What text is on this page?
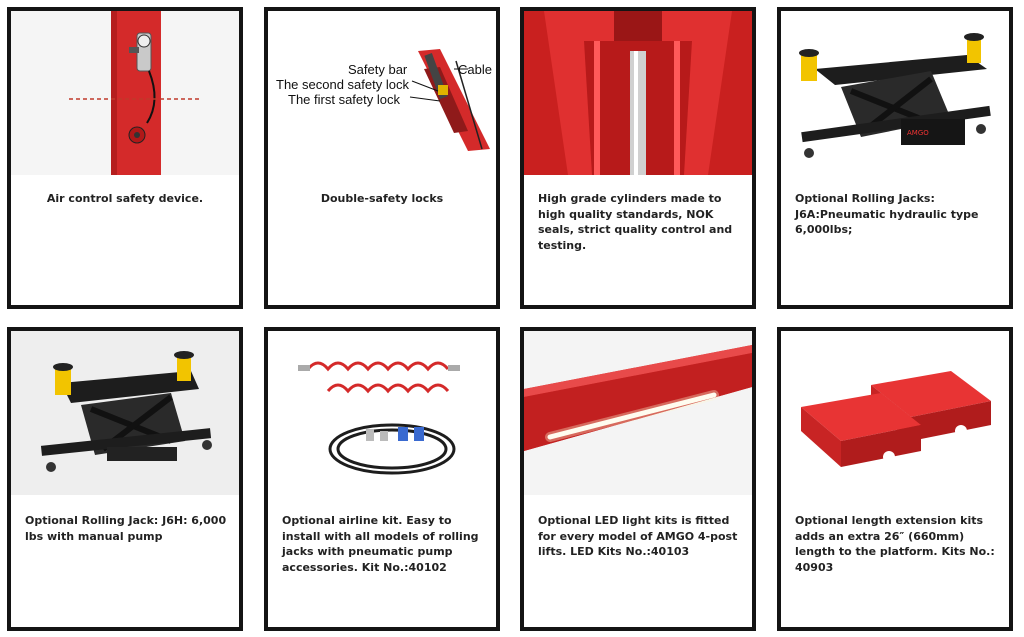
Air control safety device.
Safety bar	Cable
The second safety lock
The first safety lock
Double-safety locks	High grade cylinders made to high quality standards, NOK seals, strict quality control and testing.
AMGO
Optional Rolling Jacks: J6A:Pneumatic hydraulic type 6,000lbs;
Optional Rolling Jack: J6H: 6,000 lbs with manual pump
Optional airline kit. Easy to install with all models of rolling jacks with pneumatic pump accessories. Kit No.:40102
Optional LED light kits is fitted for every model of AMGO 4-post lifts. LED Kits No.:40103
Optional length extension kits adds an extra 26″ (660mm) length to the platform. Kits No.: 40903
